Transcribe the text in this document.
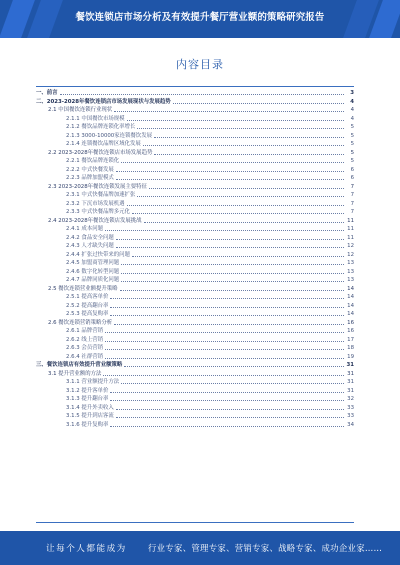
餐饮连锁店市场分析及有效提升餐厅营业额的策略研究报告
内容目录
一、前言	3
二、2023-2028年餐饮连锁店市场发展现状与发展趋势	4
2.1 中国餐饮连锁行业现状	4
2.1.1 中国餐饮市场规模	4
2.1.2 餐饮品牌连锁化率增长	5
2.1.3 3000-10000家连锁餐饮发展	5
2.1.4 连锁餐饮品牌区域化发展	5
2.2 2023-2028年餐饮连锁店市场发展趋势	5
2.2.1 餐饮品牌连锁化	5
2.2.2 中式快餐发展	6
2.2.3 品牌加盟模式	6
2.3 2023-2028年餐饮连锁发展主要特征	7
2.3.1 中式快餐品牌加速扩张	7
2.3.2 下沉市场发展机遇	7
2.3.3 中式快餐品牌多元化	7
2.4 2023-2028年餐饮连锁店发展挑战	11
2.4.1 成本问题	11
2.4.2 食品安全问题	11
2.4.3 人才缺失问题	12
2.4.4 扩张过快带来的问题	12
2.4.5 加盟商管理问题	13
2.4.6 数字化转型问题	13
2.4.7 品牌同质化问题	13
2.5 餐饮连锁营业额提升策略	14
2.5.1 提高客单价	14
2.5.2 提高翻台率	14
2.5.3 提高复购率	14
2.6 餐饮连锁营销策略分析	16
2.6.1 品牌营销	16
2.6.2 线上营销	17
2.6.3 会员营销	18
2.6.4 社群营销	19
三、餐饮连锁店有效提升营业额策略	31
3.1 提升营业额的方法	31
3.1.1 营业额提升方法	31
3.1.2 提升客单价	31
3.1.3 提升翻台率	32
3.1.4 提升外卖收入	33
3.1.5 提升到店客流	33
3.1.6 提升复购率	34
让每个人都能成为	行业专家、管理专家、营销专家、战略专家、成功企业家……
